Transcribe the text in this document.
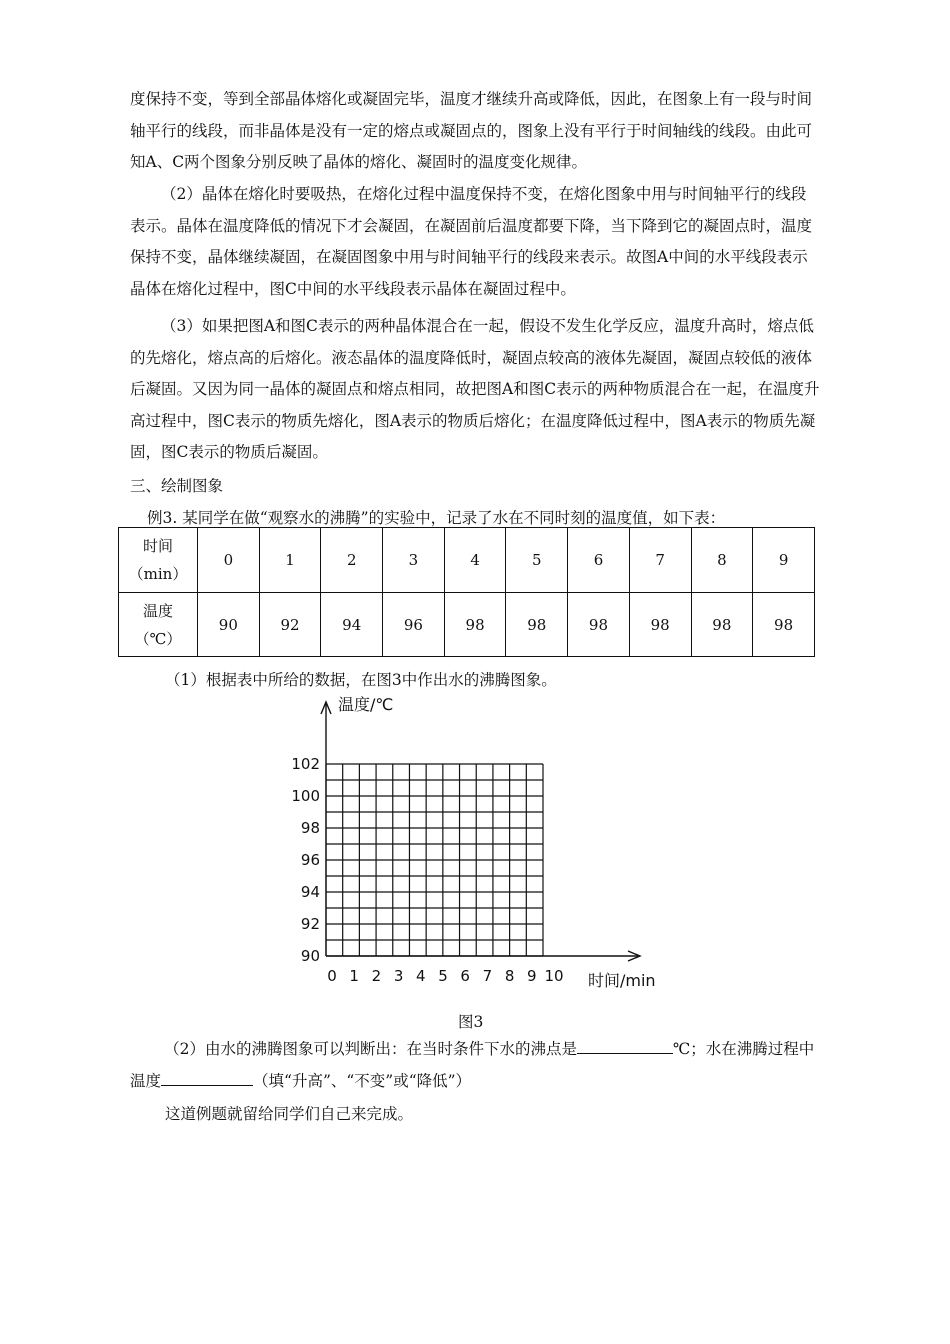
度保持不变，等到全部晶体熔化或凝固完毕，温度才继续升高或降低，因此，在图象上有一段与时间轴平行的线段，而非晶体是没有一定的熔点或凝固点的，图象上没有平行于时间轴线的线段。由此可知A、C两个图象分别反映了晶体的熔化、凝固时的温度变化规律。

（2）晶体在熔化时要吸热，在熔化过程中温度保持不变，在熔化图象中用与时间轴平行的线段表示。晶体在温度降低的情况下才会凝固，在凝固前后温度都要下降，当下降到它的凝固点时，温度保持不变，晶体继续凝固，在凝固图象中用与时间轴平行的线段来表示。故图A中间的水平线段表示晶体在熔化过程中，图C中间的水平线段表示晶体在凝固过程中。

（3）如果把图A和图C表示的两种晶体混合在一起，假设不发生化学反应，温度升高时，熔点低的先熔化，熔点高的后熔化。液态晶体的温度降低时，凝固点较高的液体先凝固，凝固点较低的液体后凝固。又因为同一晶体的凝固点和熔点相同，故把图A和图C表示的两种物质混合在一起，在温度升高过程中，图C表示的物质先熔化，图A表示的物质后熔化；在温度降低过程中，图A表示的物质先凝固，图C表示的物质后凝固。

三、绘制图象
例3. 某同学在做“观察水的沸腾”的实验中，记录了水在不同时刻的温度值，如下表：
时间
（min）	0	1	2	3	4	5	6	7	8	9
温度
（℃）	90	92	94	96	98	98	98	98	98	98
（1）根据表中所给的数据，在图3中作出水的沸腾图象。
90
92
94
96
98
100
102
0 1 2 3 4 5 6 7 8 9 10
温度/℃
时间/min
图3

（2）由水的沸腾图象可以判断出：在当时条件下水的沸点是	℃；水在沸腾过程中温度	（填“升高”、“不变”或“降低”）

这道例题就留给同学们自己来完成。
